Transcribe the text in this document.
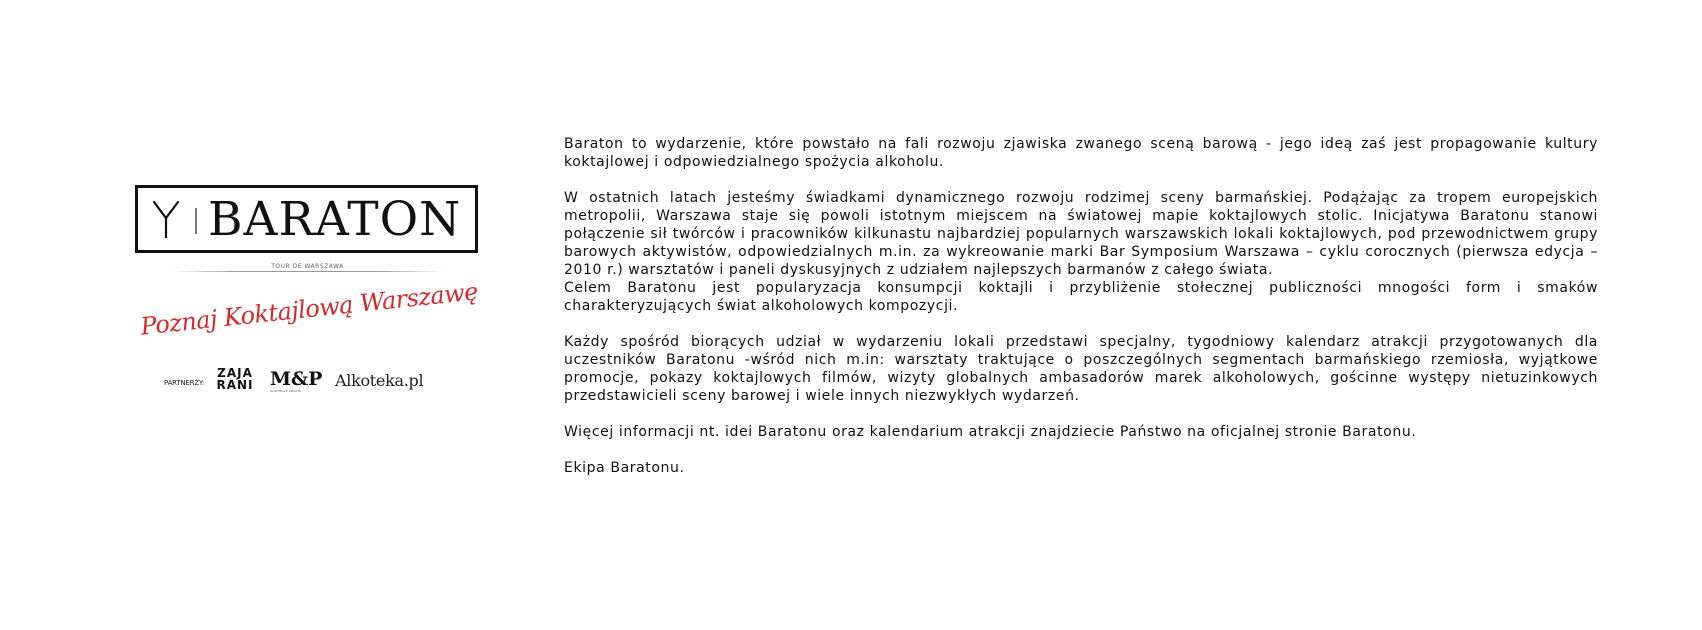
BARATON
TOUR DE WARSZAWA
Poznaj Koktajlową Warszawę
PARTNERZY:
ZAJA
RANI M&P
ALKOHOLE ŚWIATA
Alkoteka.pl

Baraton to wydarzenie, które powstało na fali rozwoju zjawiska zwanego sceną barową - jego ideą zaś jest propagowanie kultury koktajlowej i odpowiedzialnego spożycia alkoholu.

W ostatnich latach jesteśmy świadkami dynamicznego rozwoju rodzimej sceny barmańskiej. Podążając za tropem europejskich metropolii, Warszawa staje się powoli istotnym miejscem na światowej mapie koktajlowych stolic. Inicjatywa Baratonu stanowi połączenie sił twórców i pracowników kilkunastu najbardziej popularnych warszawskich lokali koktajlowych, pod przewodnictwem grupy barowych aktywistów, odpowiedzialnych m.in. za wykreowanie marki Bar Symposium Warszawa – cyklu corocznych (pierwsza edycja – 2010 r.) warsztatów i paneli dyskusyjnych z udziałem najlepszych barmanów z całego świata.

Celem Baratonu jest popularyzacja konsumpcji koktajli i przybliżenie stołecznej publiczności mnogości form i smaków charakteryzujących świat alkoholowych kompozycji.

Każdy spośród biorących udział w wydarzeniu lokali przedstawi specjalny, tygodniowy kalendarz atrakcji przygotowanych dla uczestników Baratonu -wśród nich m.in: warsztaty traktujące o poszczególnych segmentach barmańskiego rzemiosła, wyjątkowe promocje, pokazy koktajlowych filmów, wizyty globalnych ambasadorów marek alkoholowych, gościnne występy nietuzinkowych przedstawicieli sceny barowej i wiele innych niezwykłych wydarzeń.

Więcej informacji nt. idei Baratonu oraz kalendarium atrakcji znajdziecie Państwo na oficjalnej stronie Baratonu.

Ekipa Baratonu.
